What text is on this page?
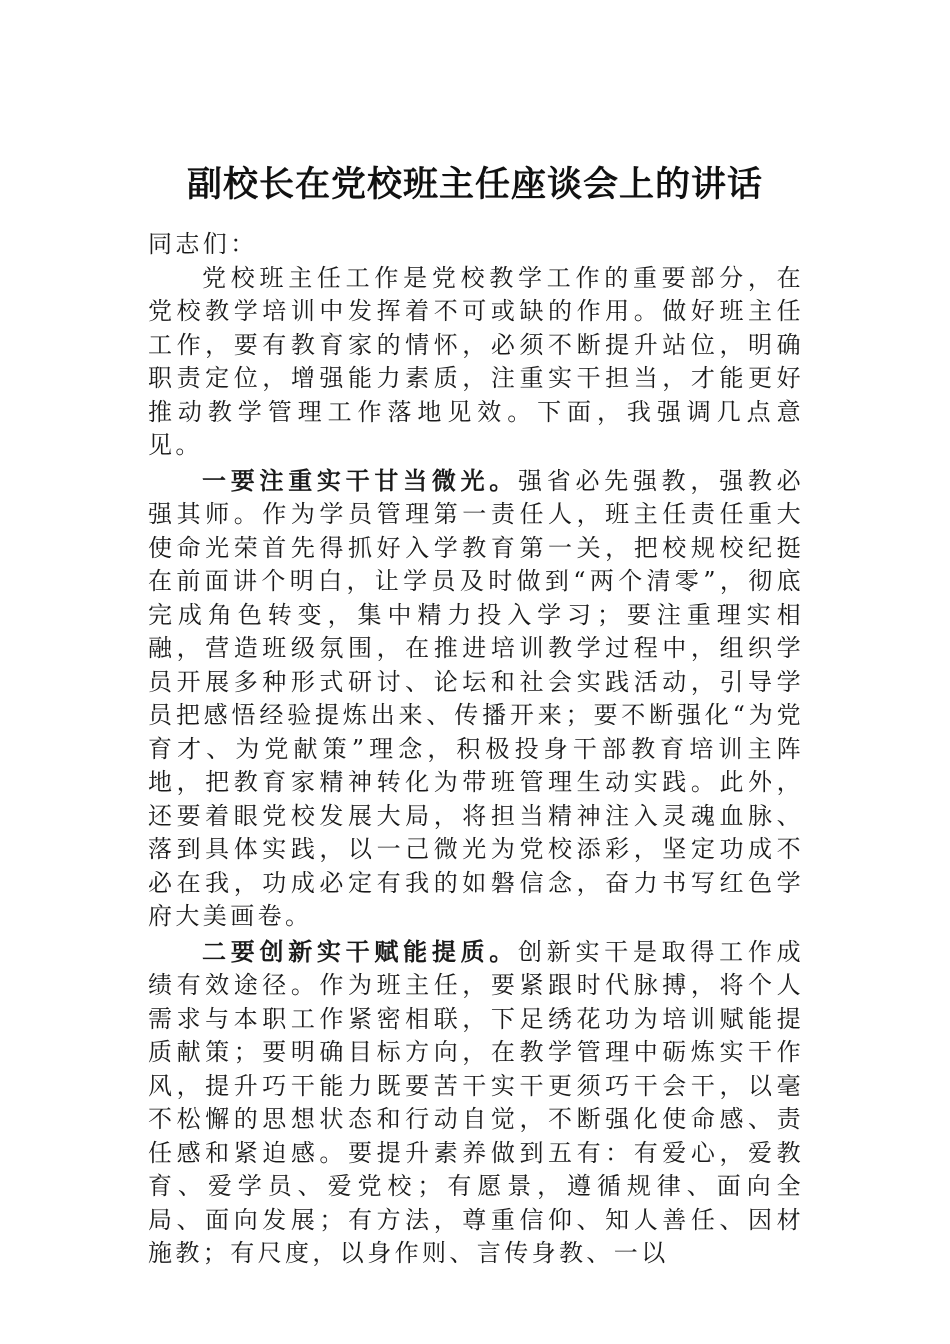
副校长在党校班主任座谈会上的讲话

同志们：

党校班主任工作是党校教学工作的重要部分，在党校教学培训中发挥着不可或缺的作用。做好班主任工作，要有教育家的情怀，必须不断提升站位，明确职责定位，增强能力素质，注重实干担当，才能更好推动教学管理工作落地见效。下面，我强调几点意见。

一要注重实干甘当微光。强省必先强教，强教必强其师。作为学员管理第一责任人，班主任责任重大使命光荣首先得抓好入学教育第一关，把校规校纪挺在前面讲个明白，让学员及时做到“两个清零”，彻底完成角色转变，集中精力投入学习；要注重理实相融，营造班级氛围，在推进培训教学过程中，组织学员开展多种形式研讨、论坛和社会实践活动，引导学员把感悟经验提炼出来、传播开来；要不断强化“为党育才、为党献策”理念，积极投身干部教育培训主阵地，把教育家精神转化为带班管理生动实践。此外，还要着眼党校发展大局，将担当精神注入灵魂血脉、落到具体实践，以一己微光为党校添彩，坚定功成不必在我，功成必定有我的如磐信念，奋力书写红色学府大美画卷。

二要创新实干赋能提质。创新实干是取得工作成绩有效途径。作为班主任，要紧跟时代脉搏，将个人需求与本职工作紧密相联，下足绣花功为培训赋能提质献策；要明确目标方向，在教学管理中砺炼实干作风，提升巧干能力既要苦干实干更须巧干会干，以毫不松懈的思想状态和行动自觉，不断强化使命感、责任感和紧迫感。要提升素养做到五有：有爱心，爱教育、爱学员、爱党校；有愿景，遵循规律、面向全局、面向发展；有方法，尊重信仰、知人善任、因材施教；有尺度，以身作则、言传身教、一以
